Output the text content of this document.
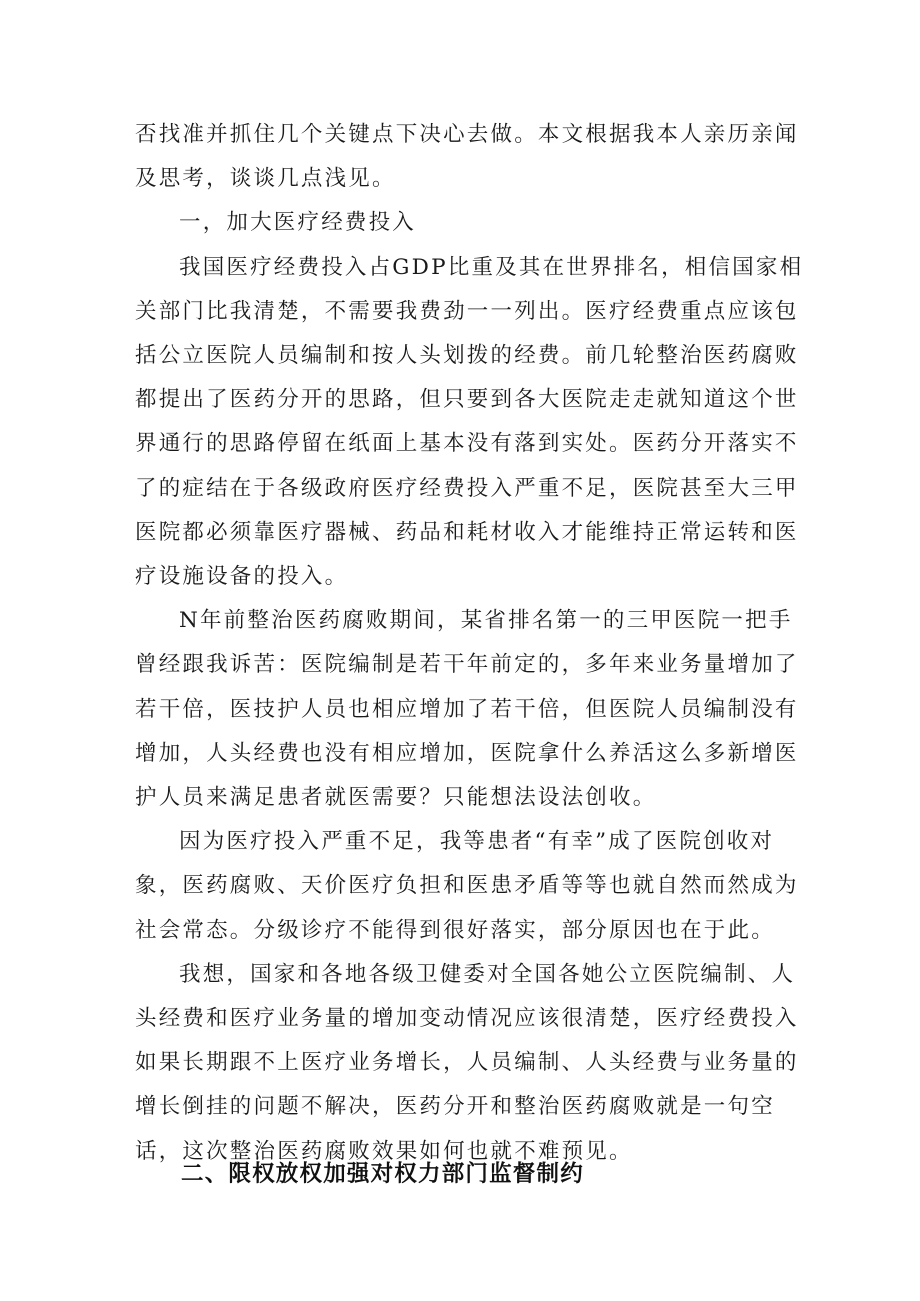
否找准并抓住几个关键点下决心去做。本文根据我本人亲历亲闻
及思考，谈谈几点浅见。

一，加大医疗经费投入

我国医疗经费投入占GDP比重及其在世界排名，相信国家相
关部门比我清楚，不需要我费劲一一列出。医疗经费重点应该包
括公立医院人员编制和按人头划拨的经费。前几轮整治医药腐败
都提出了医药分开的思路，但只要到各大医院走走就知道这个世
界通行的思路停留在纸面上基本没有落到实处。医药分开落实不
了的症结在于各级政府医疗经费投入严重不足，医院甚至大三甲
医院都必须靠医疗器械、药品和耗材收入才能维持正常运转和医
疗设施设备的投入。

N年前整治医药腐败期间，某省排名第一的三甲医院一把手
曾经跟我诉苦：医院编制是若干年前定的，多年来业务量增加了
若干倍，医技护人员也相应增加了若干倍，但医院人员编制没有
增加，人头经费也没有相应增加，医院拿什么养活这么多新增医
护人员来满足患者就医需要？只能想法设法创收。

因为医疗投入严重不足，我等患者“有幸”成了医院创收对
象，医药腐败、天价医疗负担和医患矛盾等等也就自然而然成为
社会常态。分级诊疗不能得到很好落实，部分原因也在于此。

我想，国家和各地各级卫健委对全国各她公立医院编制、人
头经费和医疗业务量的增加变动情况应该很清楚，医疗经费投入
如果长期跟不上医疗业务增长，人员编制、人头经费与业务量的
增长倒挂的问题不解决，医药分开和整治医药腐败就是一句空
话，这次整治医药腐败效果如何也就不难预见。

二、限权放权加强对权力部门监督制约
